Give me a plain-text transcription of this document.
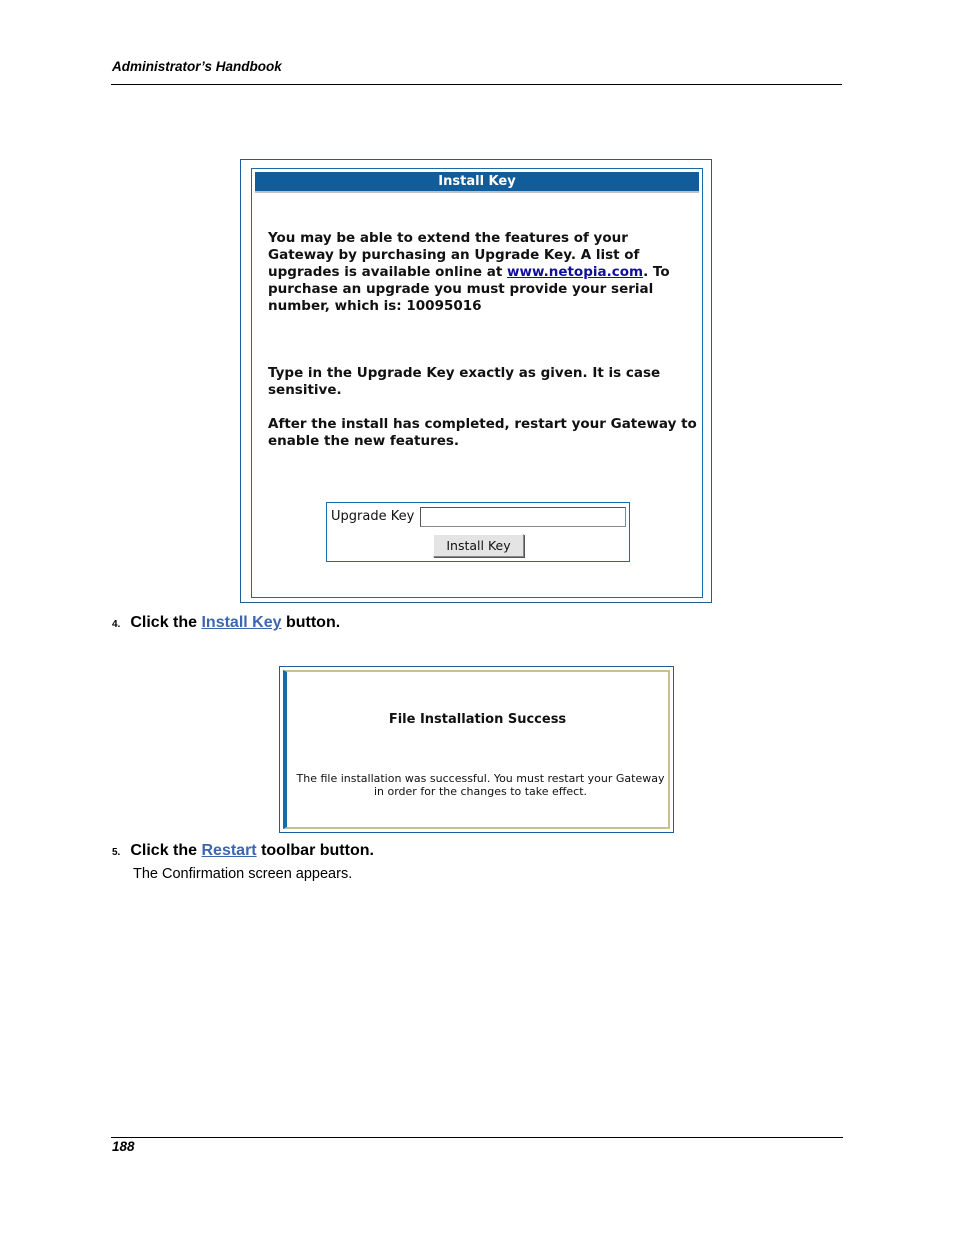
Administrator’s Handbook
Install Key
You may be able to extend the features of your Gateway by purchasing an Upgrade Key. A list of upgrades is available online at www.netopia.com. To purchase an upgrade you must provide your serial number, which is: 10095016
Type in the Upgrade Key exactly as given. It is case sensitive.
After the install has completed, restart your Gateway to enable the new features.
Upgrade Key
Install Key
4. Click the Install Key button.
File Installation Success
The file installation was successful. You must restart your Gateway in order for the changes to take effect.
5. Click the Restart toolbar button.
The Confirmation screen appears.
188
